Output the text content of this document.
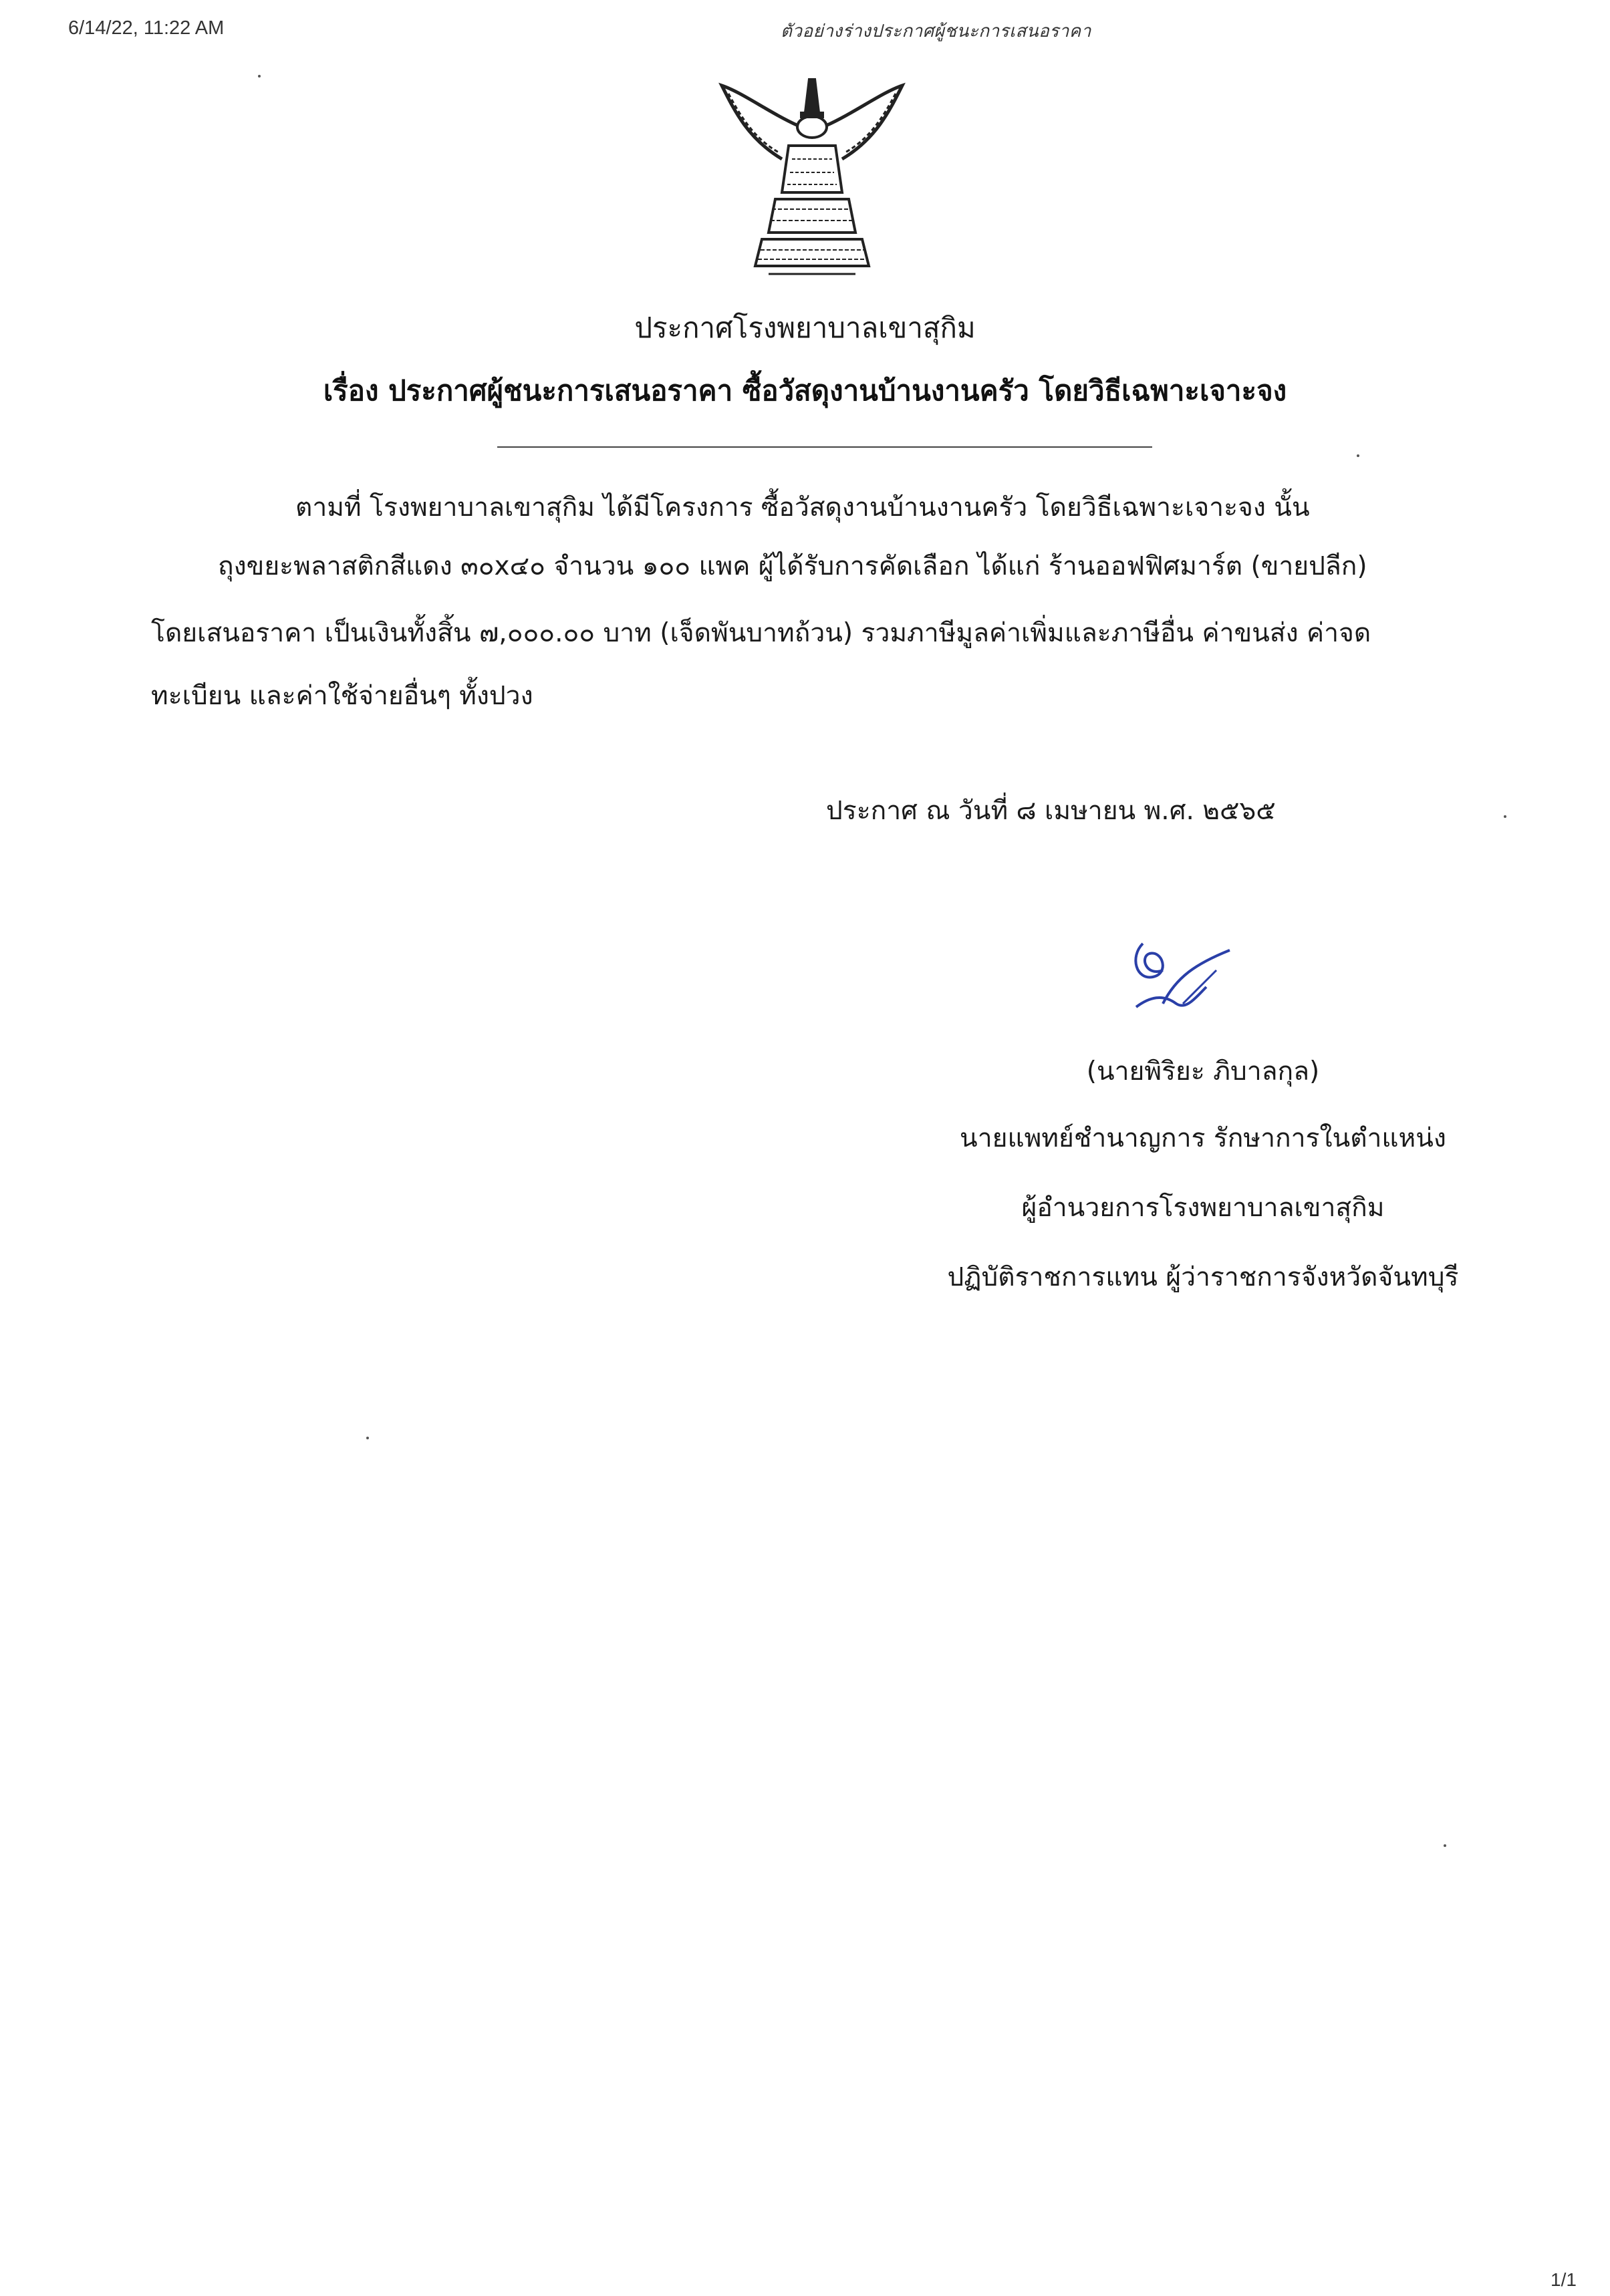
6/14/22, 11:22 AM	ตัวอย่างร่างประกาศผู้ชนะการเสนอราคา
ประกาศโรงพยาบาลเขาสุกิม
เรื่อง ประกาศผู้ชนะการเสนอราคา ซื้อวัสดุงานบ้านงานครัว โดยวิธีเฉพาะเจาะจง
ตามที่ โรงพยาบาลเขาสุกิม ได้มีโครงการ ซื้อวัสดุงานบ้านงานครัว โดยวิธีเฉพาะเจาะจง นั้น
ถุงขยะพลาสติกสีแดง ๓๐x๔๐ จำนวน ๑๐๐ แพค ผู้ได้รับการคัดเลือก ได้แก่ ร้านออฟฟิศมาร์ต (ขายปลีก)
โดยเสนอราคา เป็นเงินทั้งสิ้น ๗,๐๐๐.๐๐ บาท (เจ็ดพันบาทถ้วน) รวมภาษีมูลค่าเพิ่มและภาษีอื่น ค่าขนส่ง ค่าจด
ทะเบียน และค่าใช้จ่ายอื่นๆ ทั้งปวง
ประกาศ ณ วันที่ ๘ เมษายน พ.ศ. ๒๕๖๕
(นายพิริยะ ภิบาลกุล)
นายแพทย์ชำนาญการ รักษาการในตำแหน่ง
ผู้อำนวยการโรงพยาบาลเขาสุกิม
ปฏิบัติราชการแทน ผู้ว่าราชการจังหวัดจันทบุรี
1/1
